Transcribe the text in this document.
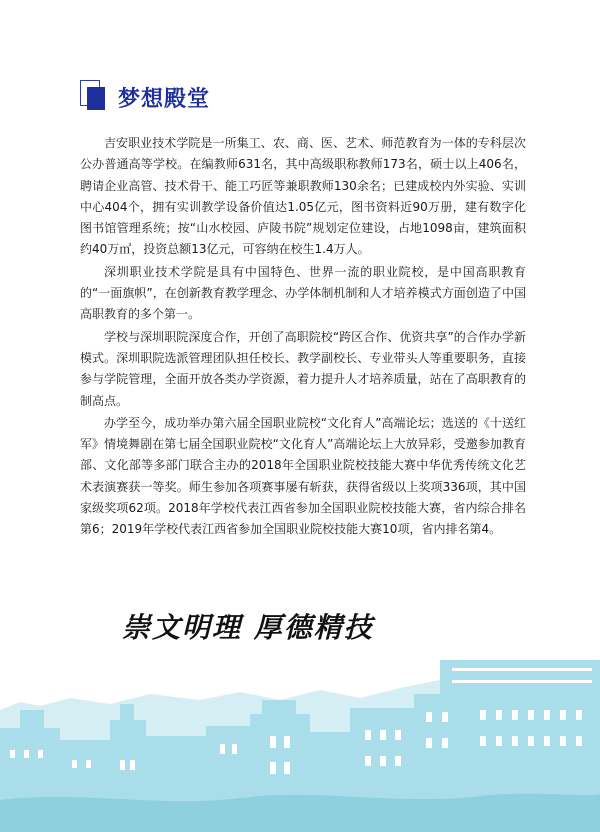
梦想殿堂

吉安职业技术学院是一所集工、农、商、医、艺术、师范教育为一体的专科层次公办普通高等学校。在编教师631名，其中高级职称教师173名，硕士以上406名，聘请企业高管、技术骨干、能工巧匠等兼职教师130余名；已建成校内外实验、实训中心404个，拥有实训教学设备价值达1.05亿元，图书资料近90万册，建有数字化图书馆管理系统；按“山水校园、庐陵书院”规划定位建设，占地1098亩，建筑面积约40万㎡，投资总额13亿元，可容纳在校生1.4万人。

深圳职业技术学院是具有中国特色、世界一流的职业院校，是中国高职教育的“一面旗帜”，在创新教育教学理念、办学体制机制和人才培养模式方面创造了中国高职教育的多个第一。

学校与深圳职院深度合作，开创了高职院校“跨区合作、优资共享”的合作办学新模式。深圳职院选派管理团队担任校长、教学副校长、专业带头人等重要职务，直接参与学院管理，全面开放各类办学资源，着力提升人才培养质量，站在了高职教育的制高点。

办学至今，成功举办第六届全国职业院校“文化育人”高端论坛；选送的《十送红军》情境舞剧在第七届全国职业院校“文化育人”高端论坛上大放异彩，受邀参加教育部、文化部等多部门联合主办的2018年全国职业院校技能大赛中华优秀传统文化艺术表演赛获一等奖。师生参加各项赛事屡有斩获，获得省级以上奖项336项，其中国家级奖项62项。2018年学校代表江西省参加全国职业院校技能大赛，省内综合排名第6；2019年学校代表江西省参加全国职业院校技能大赛10项，省内排名第4。

崇文明理 厚德精技
